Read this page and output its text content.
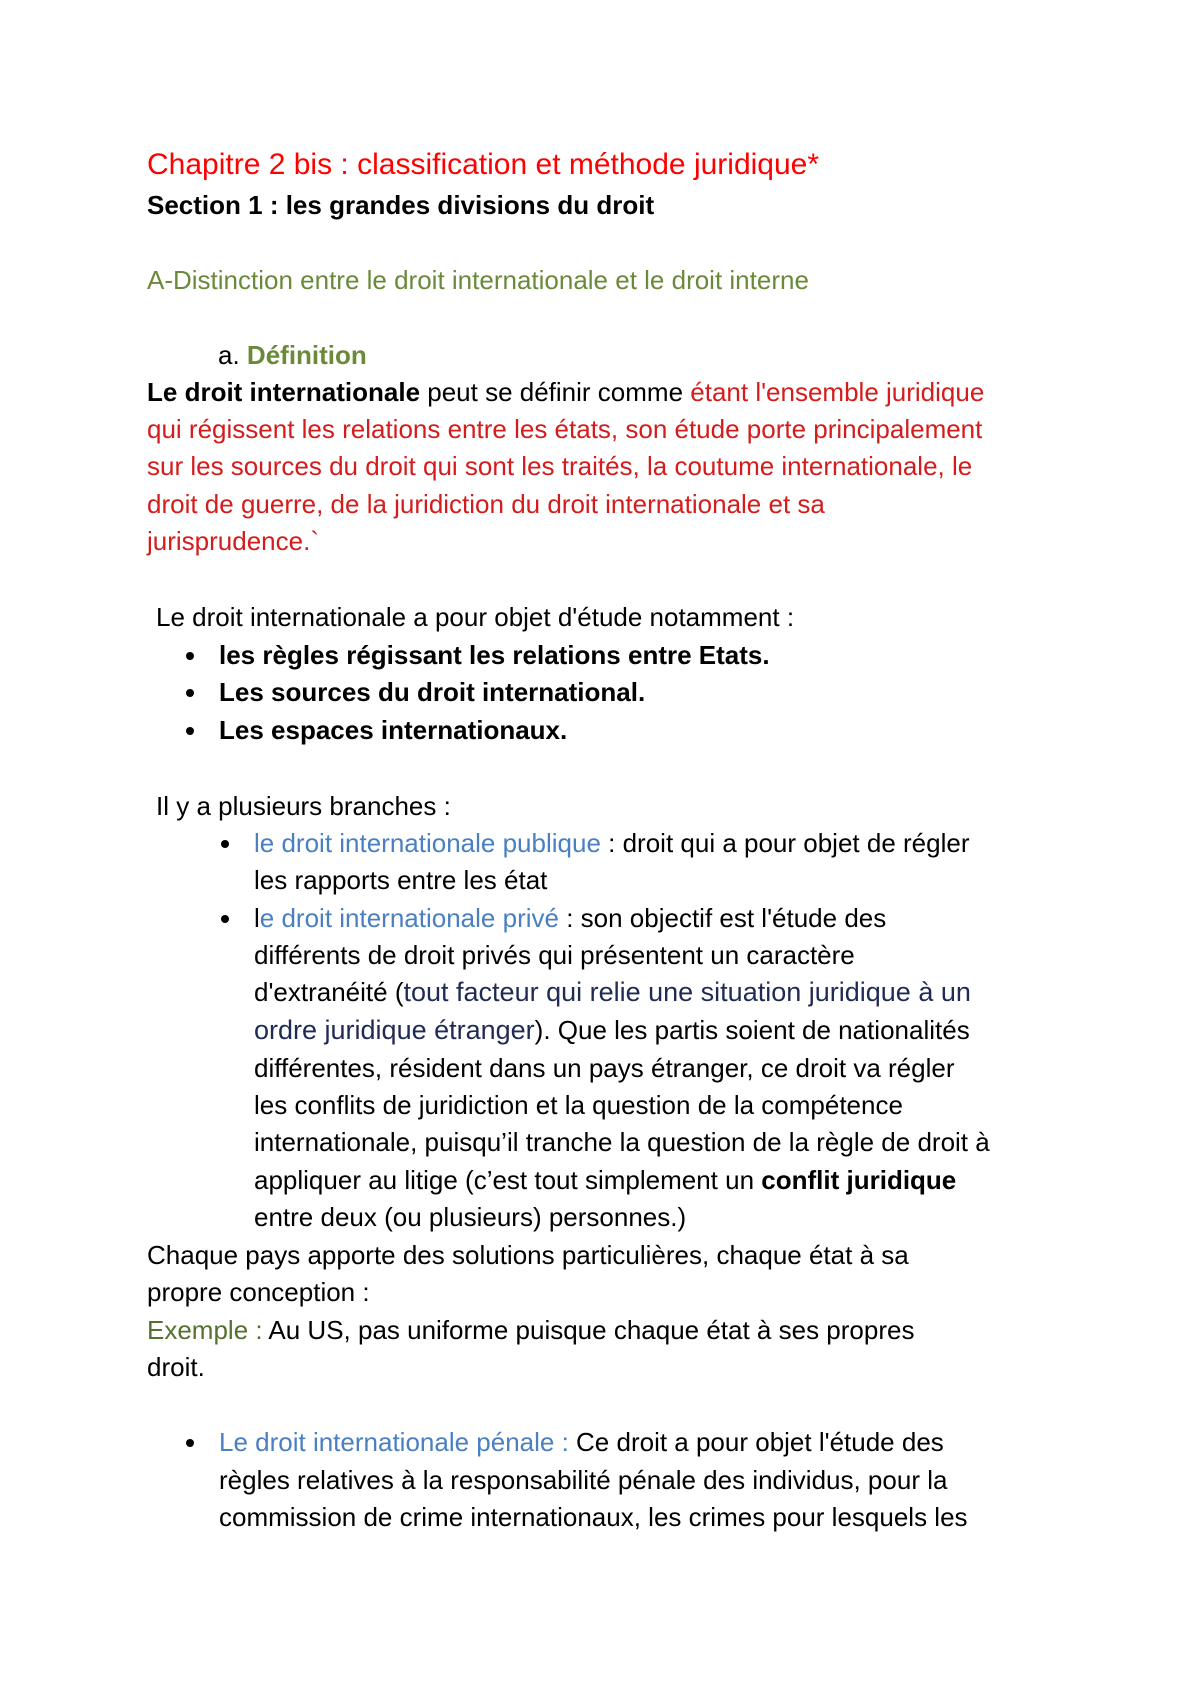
Chapitre 2 bis : classification et méthode juridique*
Section 1 : les grandes divisions du droit
A-Distinction entre le droit internationale et le droit interne
a. Définition
Le droit internationale peut se définir comme étant l'ensemble juridique
qui régissent les relations entre les états, son étude porte principalement
sur les sources du droit qui sont les traités, la coutume internationale, le
droit de guerre, de la juridiction du droit internationale et sa
jurisprudence.`
Le droit internationale a pour objet d'étude notamment :
les règles régissant les relations entre Etats.
Les sources du droit international.
Les espaces internationaux.
Il y a plusieurs branches :
le droit internationale publique : droit qui a pour objet de régler
les rapports entre les état
le droit internationale privé : son objectif est l'étude des
différents de droit privés qui présentent un caractère
d'extranéité (tout facteur qui relie une situation juridique à un
ordre juridique étranger). Que les partis soient de nationalités
différentes, résident dans un pays étranger, ce droit va régler
les conflits de juridiction et la question de la compétence
internationale, puisqu’il tranche la question de la règle de droit à
appliquer au litige (c’est tout simplement un conflit juridique
entre deux (ou plusieurs) personnes.)
Chaque pays apporte des solutions particulières, chaque état à sa
propre conception :
Exemple : Au US, pas uniforme puisque chaque état à ses propres
droit.
Le droit internationale pénale : Ce droit a pour objet l'étude des
règles relatives à la responsabilité pénale des individus, pour la
commission de crime internationaux, les crimes pour lesquels les
